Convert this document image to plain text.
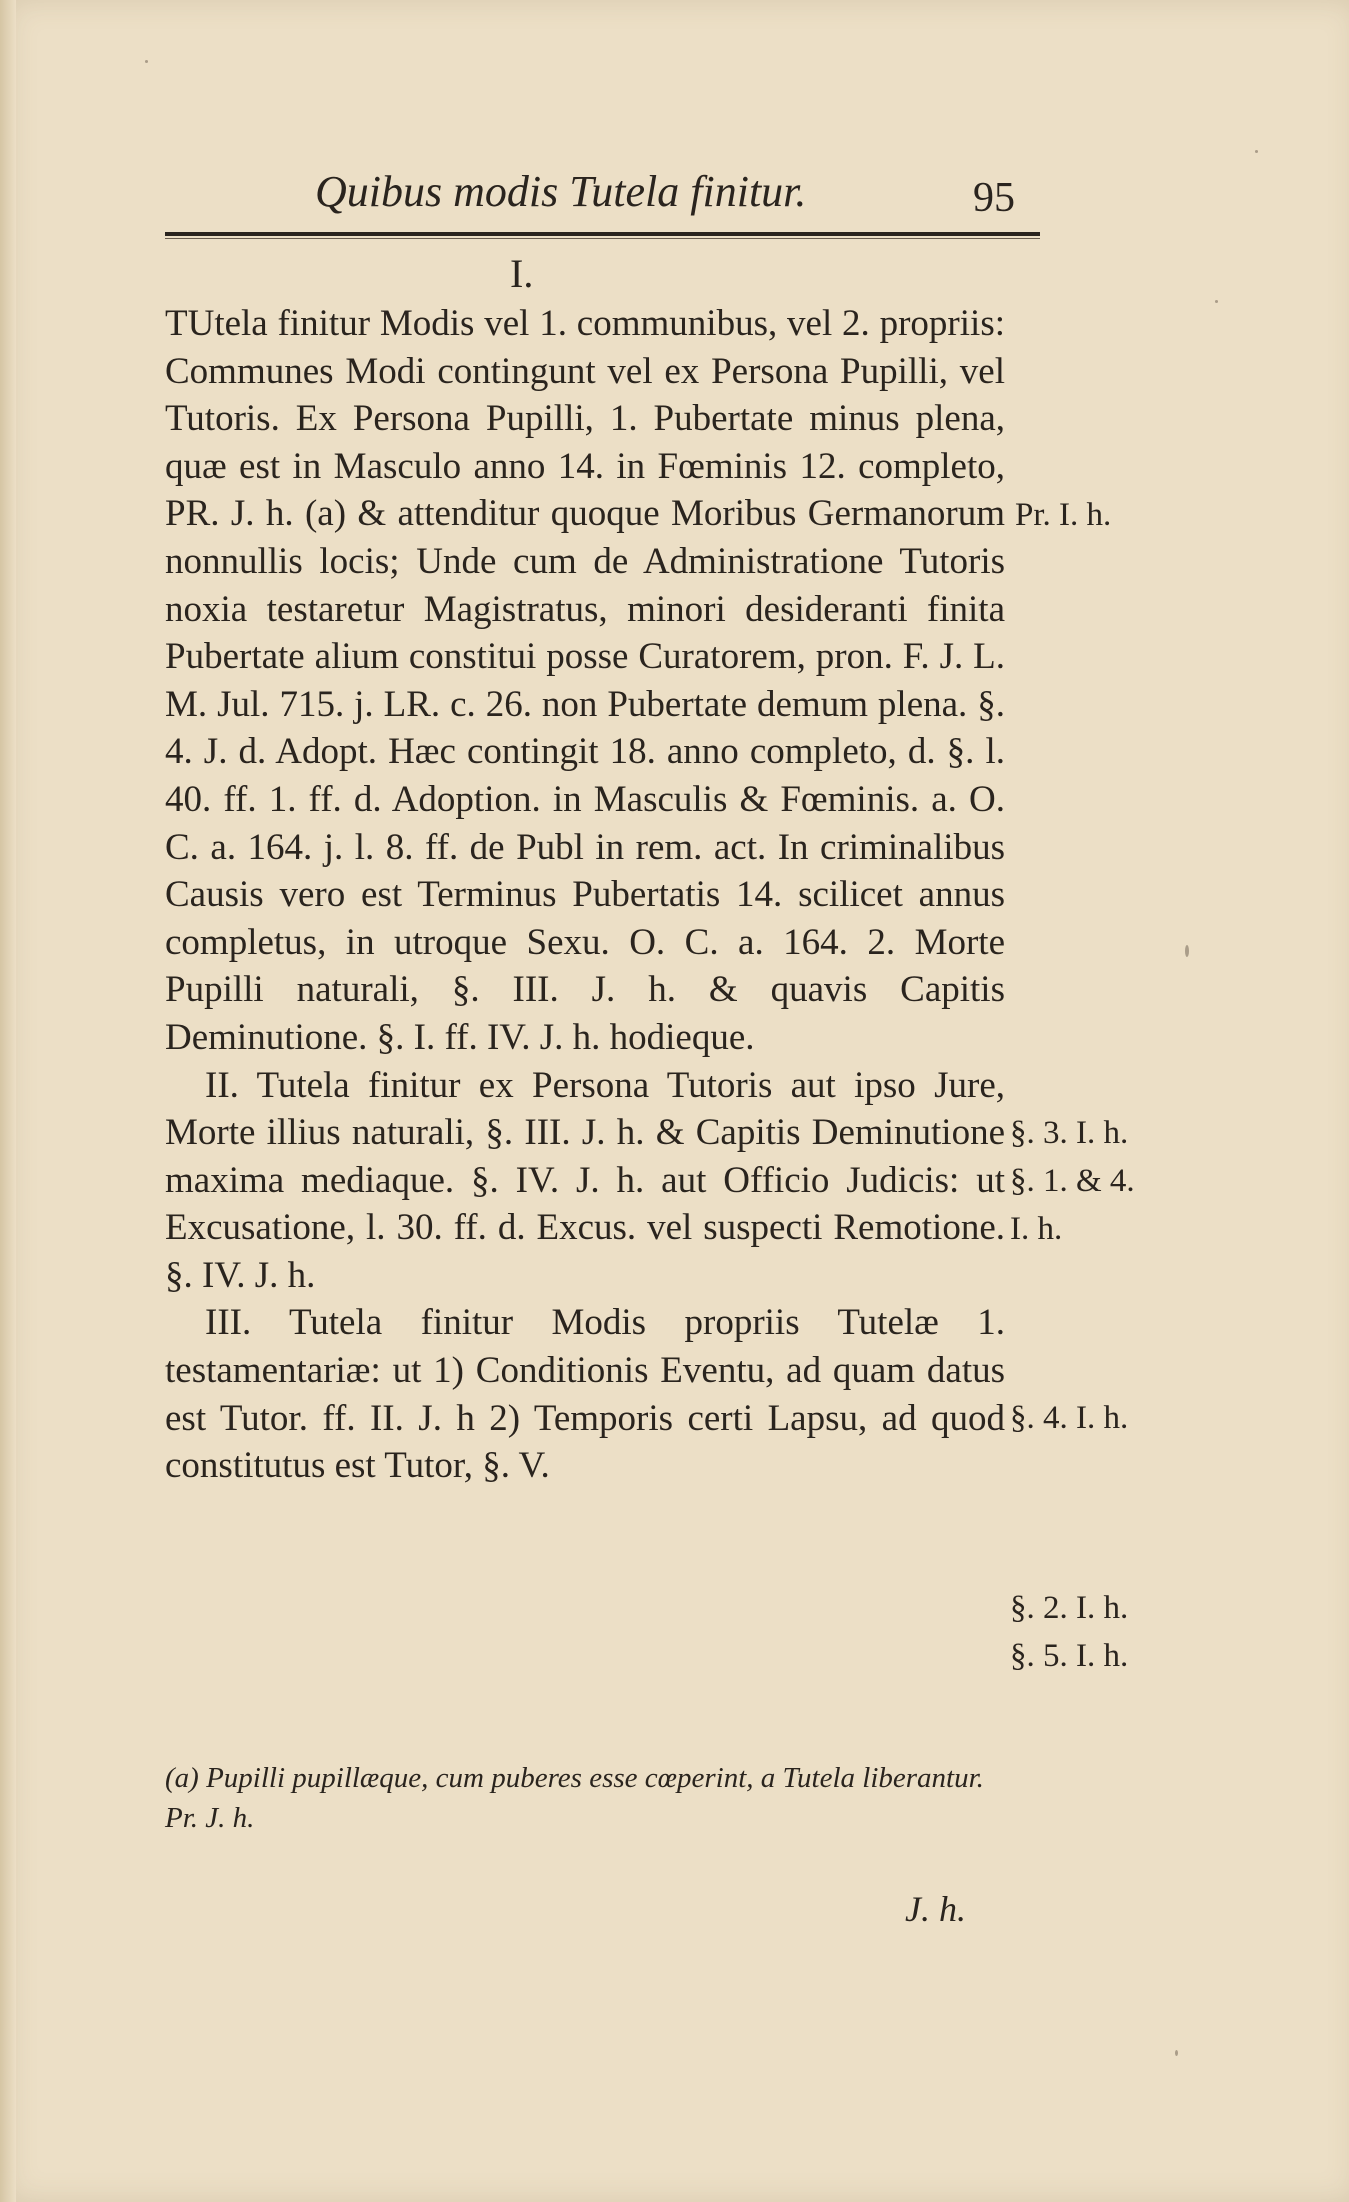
Quibus modis Tutela finitur.	95
I.

TUtela finitur Modis vel 1. communibus, vel 2. propriis: Communes Modi contingunt vel ex Persona Pupilli, vel Tutoris. Ex Persona Pupilli, 1. Pubertate minus plena, quæ est in Masculo anno 14. in Fœminis 12. completo, PR. J. h. (a) & attenditur quoque Moribus Germanorum nonnullis locis; Unde cum de Administratione Tutoris noxia testaretur Magistratus, minori desideranti finita Pubertate alium constitui posse Curatorem, pron. F. J. L. M. Jul. 715. j. LR. c. 26. non Pubertate demum plena. §. 4. J. d. Adopt. Hæc contingit 18. anno completo, d. §. l. 40. ff. 1. ff. d. Adoption. in Masculis & Fœminis. a. O. C. a. 164. j. l. 8. ff. de Publ in rem. act. In criminalibus Causis vero est Terminus Pubertatis 14. scilicet annus completus, in utroque Sexu. O. C. a. 164. 2. Morte Pupilli naturali, §. III. J. h. & quavis Capitis Deminutione. §. I. ff. IV. J. h. hodieque.

II. Tutela finitur ex Persona Tutoris aut ipso Jure, Morte illius naturali, §. III. J. h. & Capitis Deminutione maxima mediaque. §. IV. J. h. aut Officio Judicis: ut Excusatione, l. 30. ff. d. Excus. vel suspecti Remotione. §. IV. J. h.

III. Tutela finitur Modis propriis Tutelæ 1. testamentariæ: ut 1) Conditionis Eventu, ad quam datus est Tutor. ff. II. J. h 2) Temporis certi Lapsu, ad quod constitutus est Tutor, §. V.

Pr. I. h.
§. 3. I. h.
§. 1. & 4.
I. h.
§. 4. I. h.
§. 2. I. h.
§. 5. I. h.
(a) Pupilli pupillæque, cum puberes esse cœperint, a Tutela liberantur. Pr. J. h.
J. h.
